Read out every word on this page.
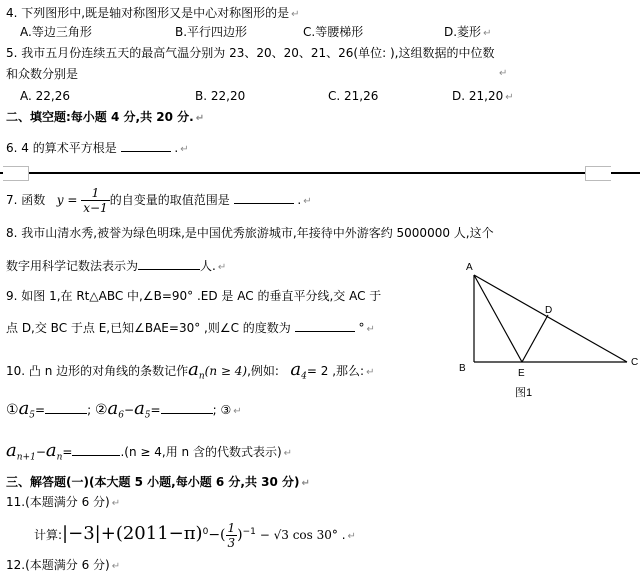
4. 下列图形中,既是轴对称图形又是中心对称图形的是 ↵
A.等边三角形	B.平行四边形	C.等腰梯形	D.菱形 ↵
5. 我市五月份连续五天的最高气温分别为 23、20、20、21、26(单位: ),这组数据的中位数
和众数分别是	↵
A. 22,26	B. 22,20	C. 21,26	D. 21,20 ↵
二、填空题:每小题 4 分,共 20 分. ↵
6. 4 的算术平方根是	. ↵
7. 函数 $y = \frac{1}{x-1}$ 的自变量的取值范围是	. ↵
8. 我市山清水秀,被誉为绿色明珠,是中国优秀旅游城市,年接待中外游客约 5000000 人,这个
数字用科学记数法表示为	人. ↵
9. 如图 1,在 Rt△ABC 中,∠B=90° .ED 是 AC 的垂直平分线,交 AC 于
点 D,交 BC 于点 E,已知∠BAE=30° ,则∠C 的度数为	° ↵
A
B
C
D
E
图1
10. 凸 n 边形的对角线的条数记作$a_n(n \ge 4)$,例如: $a_4= 2$ ,那么: ↵
$①a_5=$	; $②a_6-a_5=$	; ③ ↵
$a_{n+1}-a_n=$	.(n ≥ 4,用 n 含的代数式表示) ↵
三、解答题(一)(本大题 5 小题,每小题 6 分,共 30 分) ↵
11.(本题满分 6 分) ↵
计算$:|-3|+(2011-\pi)^0-( \frac{1}{3} )^{-1} - √3$ cos 30° . ↵
12.(本题满分 6 分) ↵
